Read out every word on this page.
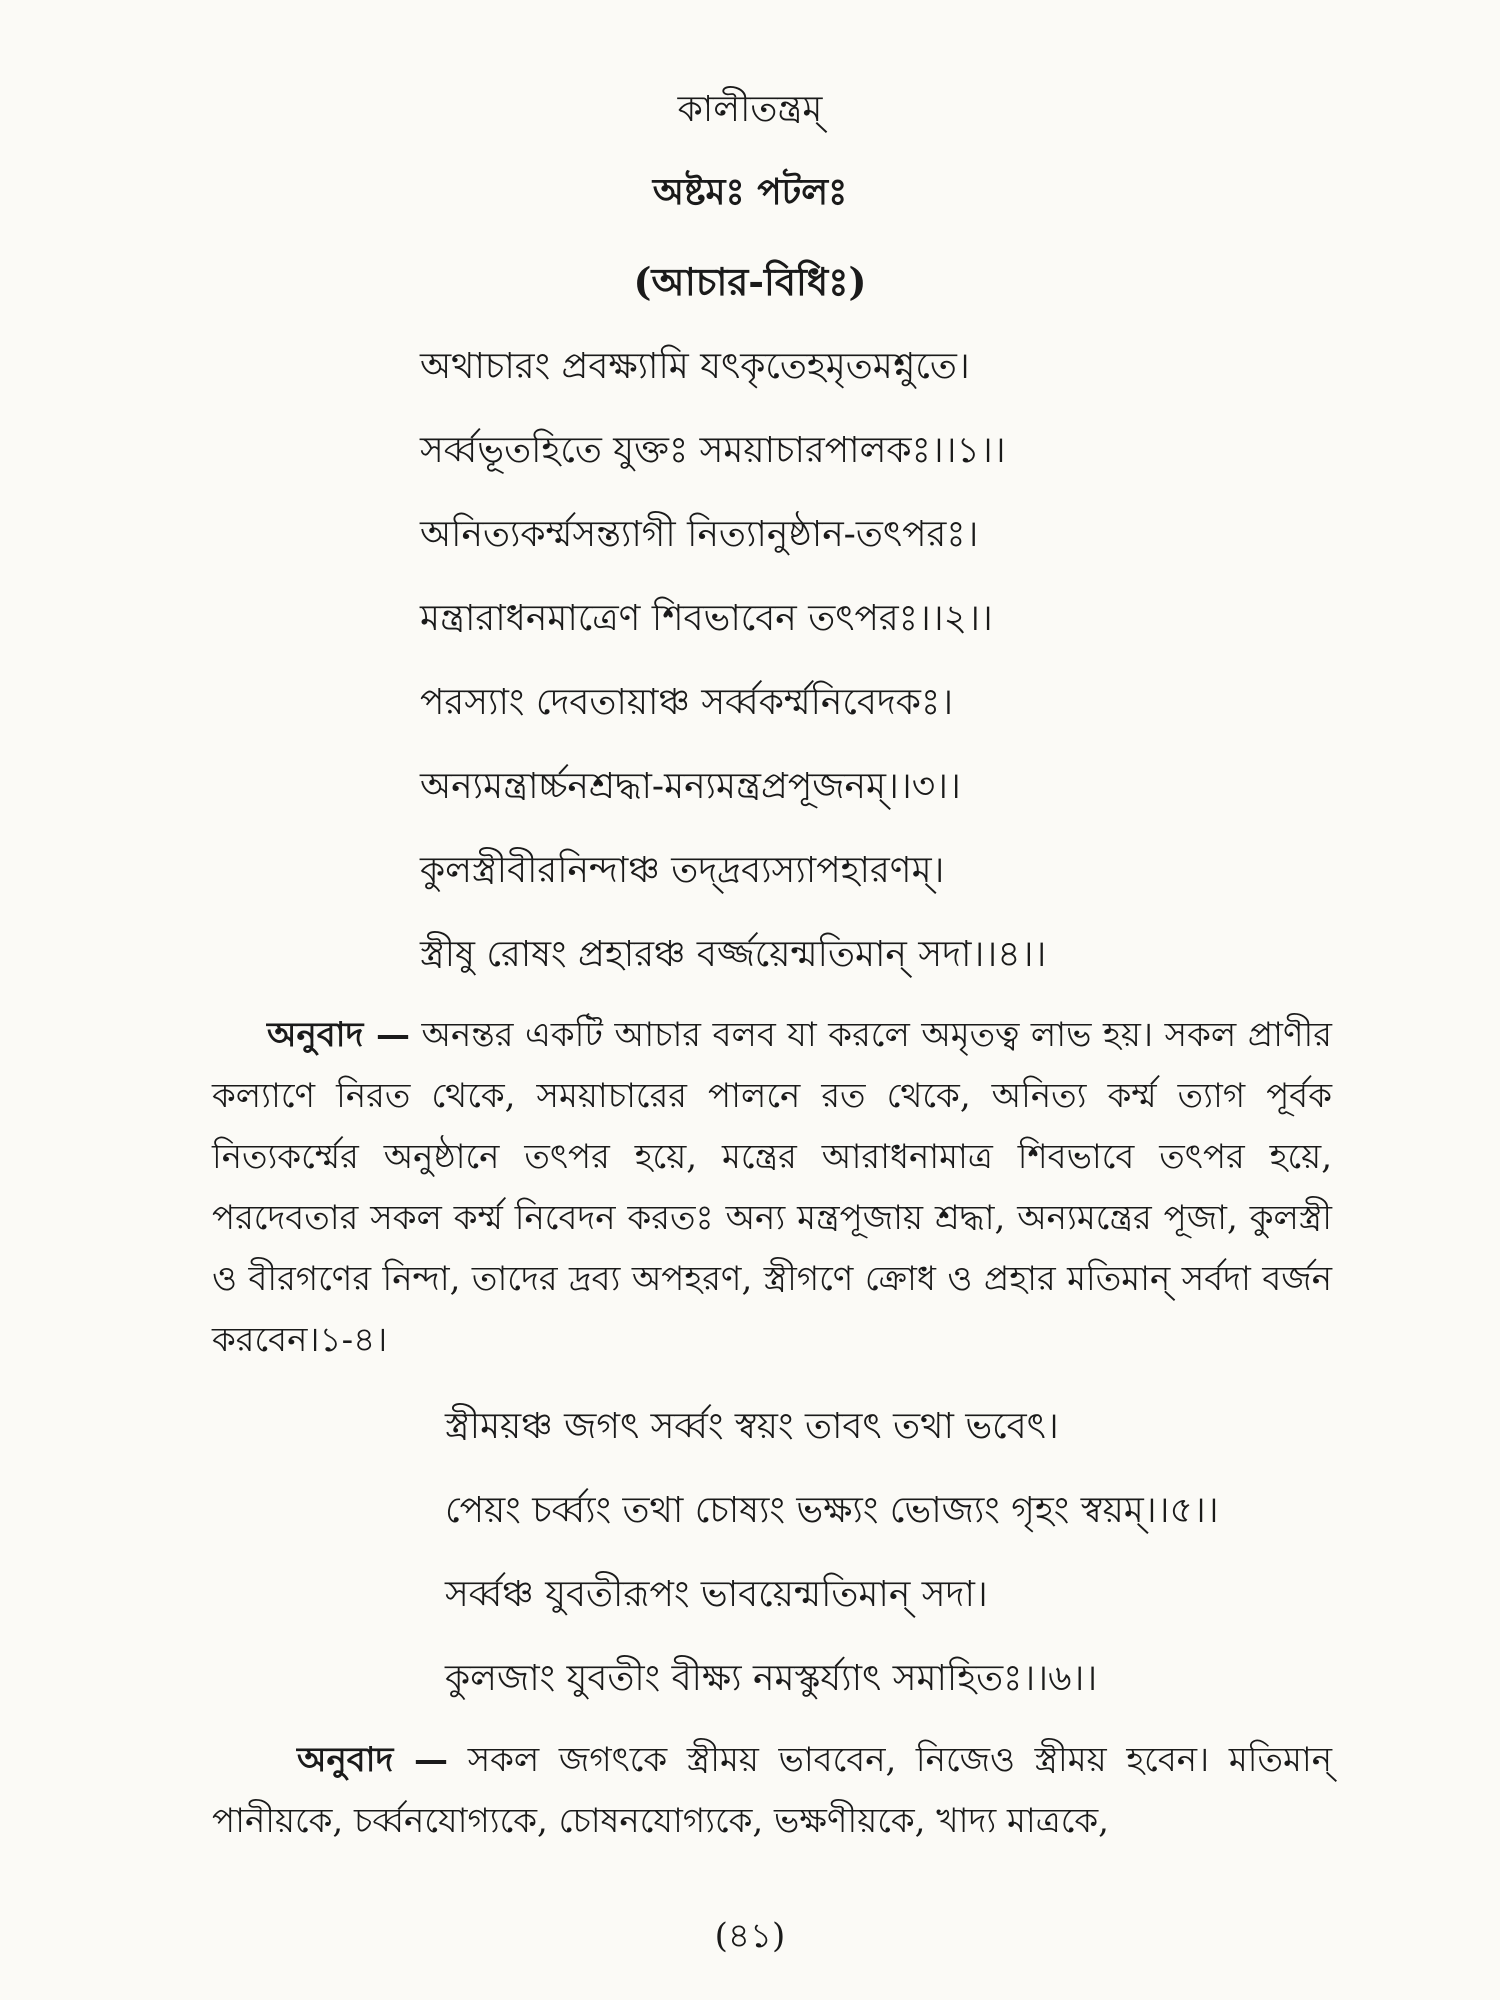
কালীতন্ত্রম্
অষ্টমঃ পটলঃ
(আচার-বিধিঃ)
অথাচারং প্রবক্ষ্যামি যৎকৃতেহমৃতমশ্নুতে।
সর্ব্বভূতহিতে যুক্তঃ সময়াচারপালকঃ।।১।।
অনিত্যকর্ম্মসন্ত্যাগী নিত্যানুষ্ঠান-তৎপরঃ।
মন্ত্রারাধনমাত্রেণ শিবভাবেন তৎপরঃ।।২।।
পরস্যাং দেবতায়াঞ্চ সর্ব্বকর্ম্মনিবেদকঃ।
অন্যমন্ত্রার্চ্চনশ্রদ্ধা-মন্যমন্ত্রপ্রপূজনম্।।৩।।
কুলস্ত্রীবীরনিন্দাঞ্চ তদ্‌দ্রব্যস্যাপহারণম্।
স্ত্রীষু রোষং প্রহারঞ্চ বর্জ্জয়েন্মতিমান্ সদা।।৪।।
অনুবাদ — অনন্তর একটি আচার বলব যা করলে অমৃতত্ব লাভ হয়। সকল প্রাণীর কল্যাণে নিরত থেকে, সময়াচারের পালনে রত থেকে, অনিত্য কর্ম্ম ত্যাগ পূর্বক নিত্যকর্ম্মের অনুষ্ঠানে তৎপর হয়ে, মন্ত্রের আরাধনামাত্র শিবভাবে তৎপর হয়ে, পরদেবতার সকল কর্ম্ম নিবেদন করতঃ অন্য মন্ত্রপূজায় শ্রদ্ধা, অন্যমন্ত্রের পূজা, কুলস্ত্রী ও বীরগণের নিন্দা, তাদের দ্রব্য অপহরণ, স্ত্রীগণে ক্রোধ ও প্রহার মতিমান্ সর্বদা বর্জন করবেন।১-৪।
স্ত্রীময়ঞ্চ জগৎ সর্ব্বং স্বয়ং তাবৎ তথা ভবেৎ।
পেয়ং চর্ব্ব্যং তথা চোষ্যং ভক্ষ্যং ভোজ্যং গৃহং স্বয়ম্।।৫।।
সর্ব্বঞ্চ যুবতীরূপং ভাবয়েন্মতিমান্ সদা।
কুলজাং যুবতীং বীক্ষ্য নমস্কুর্য্যাৎ সমাহিতঃ।।৬।।
অনুবাদ — সকল জগৎকে স্ত্রীময় ভাববেন, নিজেও স্ত্রীময় হবেন। মতিমান্ পানীয়কে, চর্ব্বনযোগ্যকে, চোষনযোগ্যকে, ভক্ষণীয়কে, খাদ্য মাত্রকে,
(৪১)
